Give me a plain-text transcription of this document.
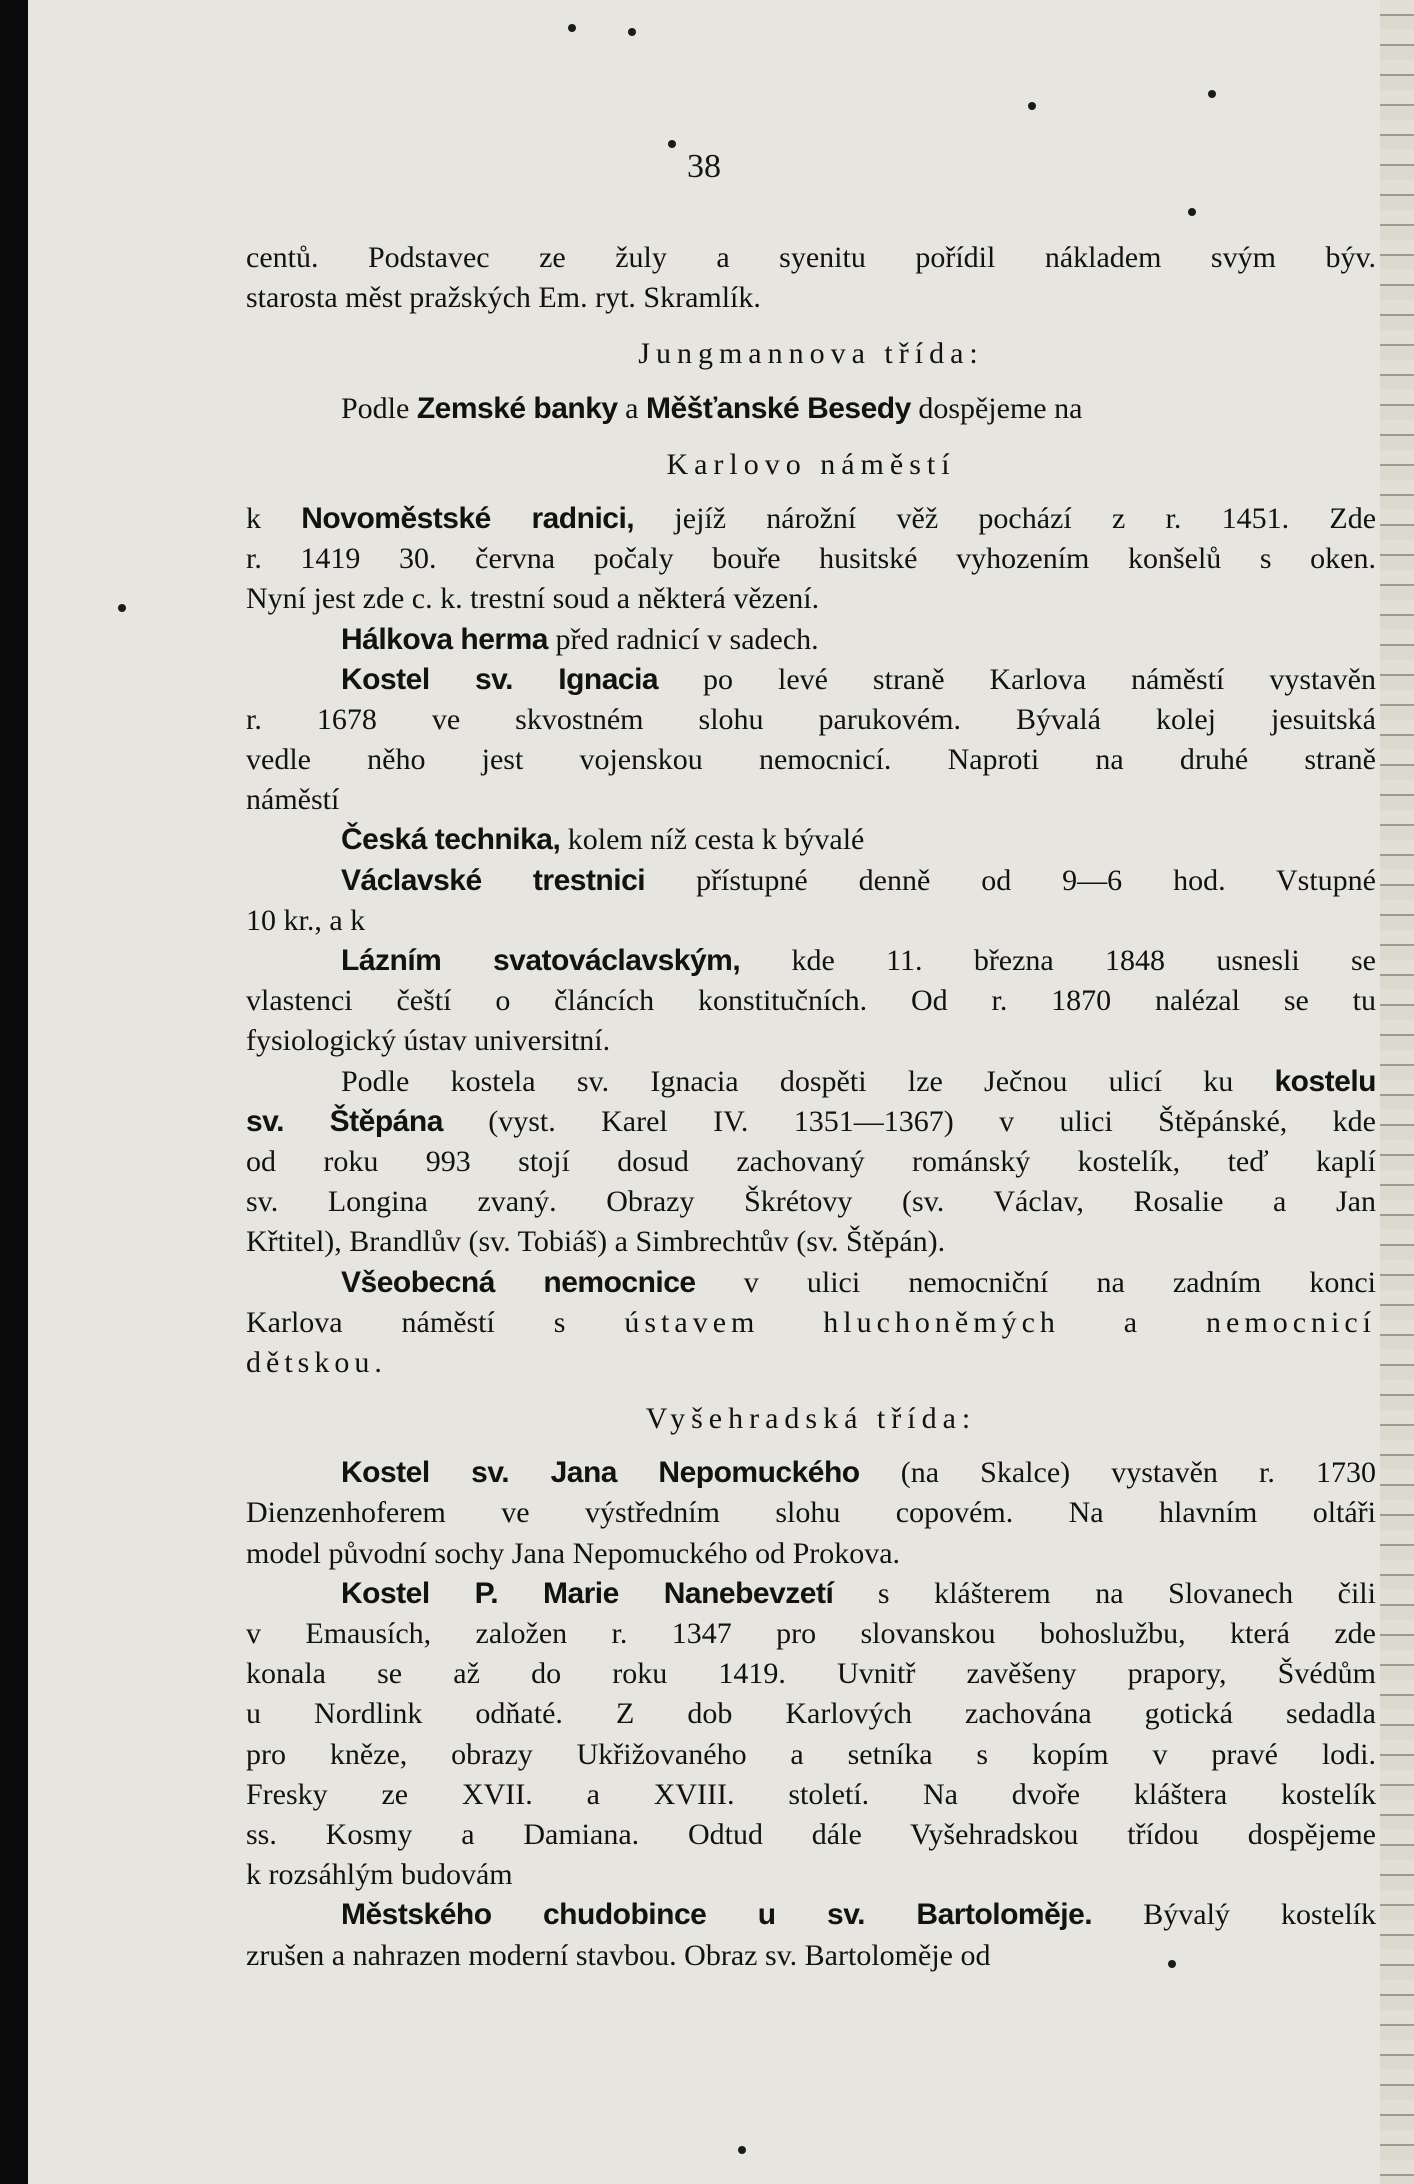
38
centů. Podstavec ze žuly a syenitu pořídil nákladem svým býv.
starosta měst pražských Em. ryt. Skramlík.
Jungmannova třída:
Podle Zemské banky a Měšťanské Besedy dospějeme na
Karlovo náměstí
k Novoměstské radnici, jejíž nárožní věž pochází z r. 1451. Zde
r. 1419 30. června počaly bouře husitské vyhozením konšelů s oken.
Nyní jest zde c. k. trestní soud a některá vězení.
Hálkova herma před radnicí v sadech.
Kostel sv. Ignacia po levé straně Karlova náměstí vystavěn
r. 1678 ve skvostném slohu parukovém. Bývalá kolej jesuitská
vedle něho jest vojenskou nemocnicí. Naproti na druhé straně
náměstí
Česká technika, kolem níž cesta k bývalé
Václavské trestnici přístupné denně od 9—6 hod. Vstupné
10 kr., a k
Lázním svatováclavským, kde 11. března 1848 usnesli se
vlastenci čeští o článcích konstitučních. Od r. 1870 nalézal se tu
fysiologický ústav universitní.
Podle kostela sv. Ignacia dospěti lze Ječnou ulicí ku kostelu
sv. Štěpána (vyst. Karel IV. 1351—1367) v ulici Štěpánské, kde
od roku 993 stojí dosud zachovaný románský kostelík, teď kaplí
sv. Longina zvaný. Obrazy Škrétovy (sv. Václav, Rosalie a Jan
Křtitel), Brandlův (sv. Tobiáš) a Simbrechtův (sv. Štěpán).
Všeobecná nemocnice v ulici nemocniční na zadním konci
Karlova náměstí s ústavem hluchoněmých a nemocnicí
dětskou.
Vyšehradská třída:
Kostel sv. Jana Nepomuckého (na Skalce) vystavěn r. 1730
Dienzenhoferem ve výstředním slohu copovém. Na hlavním oltáři
model původní sochy Jana Nepomuckého od Prokova.
Kostel P. Marie Nanebevzetí s klášterem na Slovanech čili
v Emausích, založen r. 1347 pro slovanskou bohoslužbu, která zde
konala se až do roku 1419. Uvnitř zavěšeny prapory, Švédům
u Nordlink odňaté. Z dob Karlových zachována gotická sedadla
pro kněze, obrazy Ukřižovaného a setníka s kopím v pravé lodi.
Fresky ze XVII. a XVIII. století. Na dvoře kláštera kostelík
ss. Kosmy a Damiana. Odtud dále Vyšehradskou třídou dospějeme
k rozsáhlým budovám
Městského chudobince u sv. Bartoloměje. Bývalý kostelík
zrušen a nahrazen moderní stavbou. Obraz sv. Bartoloměje od
